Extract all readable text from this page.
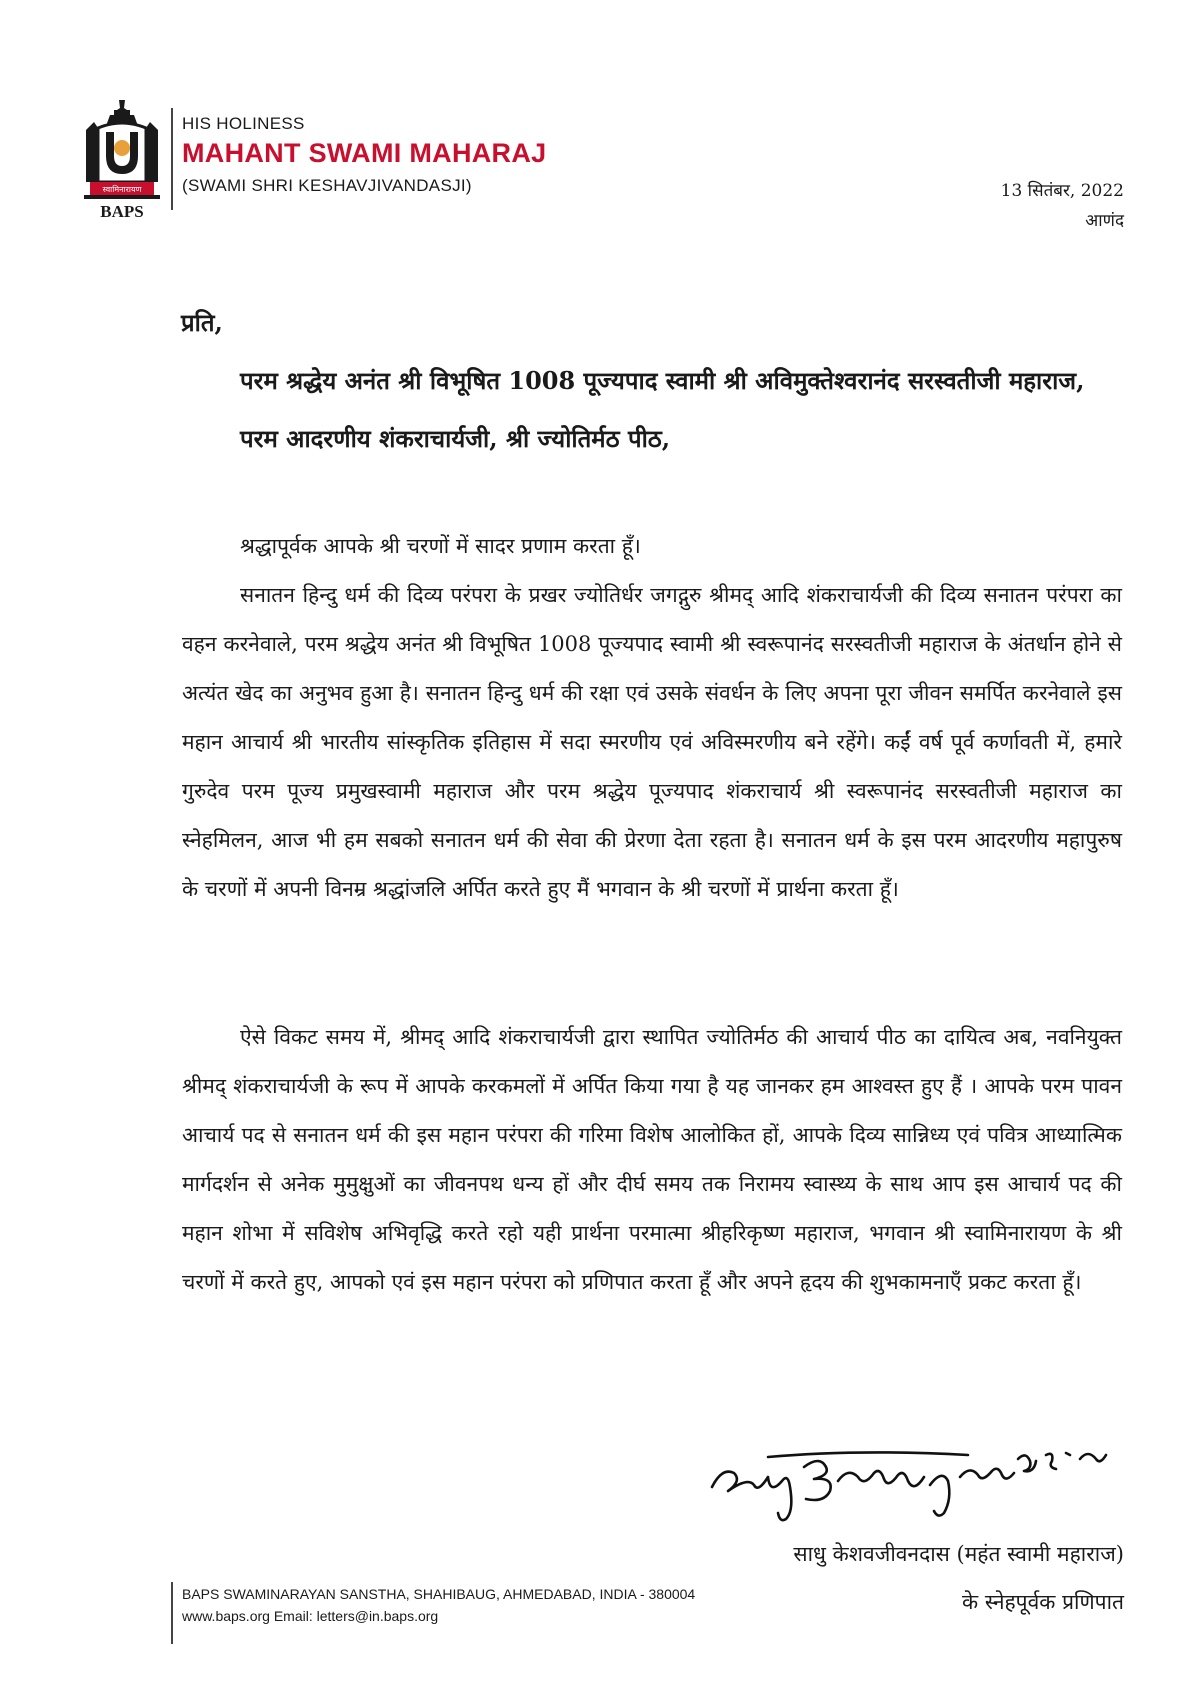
स्वामिनारायण
BAPS
HIS HOLINESS
MAHANT SWAMI MAHARAJ
(SWAMI SHRI KESHAVJIVANDASJI)	13 सितंबर, 2022
आणंद
प्रति,
परम श्रद्धेय अनंत श्री विभूषित 1008 पूज्यपाद स्वामी श्री अविमुक्तेश्वरानंद सरस्वतीजी महाराज,
परम आदरणीय शंकराचार्यजी, श्री ज्योतिर्मठ पीठ,

श्रद्धापूर्वक आपके श्री चरणों में सादर प्रणाम करता हूँ।

सनातन हिन्दु धर्म की दिव्य परंपरा के प्रखर ज्योतिर्धर जगद्गुरु श्रीमद् आदि शंकराचार्यजी की दिव्य सनातन परंपरा का वहन करनेवाले, परम श्रद्धेय अनंत श्री विभूषित 1008 पूज्यपाद स्वामी श्री स्वरूपानंद सरस्वतीजी महाराज के अंतर्धान होने से अत्यंत खेद का अनुभव हुआ है। सनातन हिन्दु धर्म की रक्षा एवं उसके संवर्धन के लिए अपना पूरा जीवन समर्पित करनेवाले इस महान आचार्य श्री भारतीय सांस्कृतिक इतिहास में सदा स्मरणीय एवं अविस्मरणीय बने रहेंगे। कईं वर्ष पूर्व कर्णावती में, हमारे गुरुदेव परम पूज्य प्रमुखस्वामी महाराज और परम श्रद्धेय पूज्यपाद शंकराचार्य श्री स्वरूपानंद सरस्वतीजी महाराज का स्नेहमिलन, आज भी हम सबको सनातन धर्म की सेवा की प्रेरणा देता रहता है। सनातन धर्म के इस परम आदरणीय महापुरुष के चरणों में अपनी विनम्र श्रद्धांजलि अर्पित करते हुए मैं भगवान के श्री चरणों में प्रार्थना करता हूँ।

ऐसे विकट समय में, श्रीमद् आदि शंकराचार्यजी द्वारा स्थापित ज्योतिर्मठ की आचार्य पीठ का दायित्व अब, नवनियुक्त श्रीमद् शंकराचार्यजी के रूप में आपके करकमलों में अर्पित किया गया है यह जानकर हम आश्वस्त हुए हैं । आपके परम पावन आचार्य पद से सनातन धर्म की इस महान परंपरा की गरिमा विशेष आलोकित हों, आपके दिव्य सान्निध्य एवं पवित्र आध्यात्मिक मार्गदर्शन से अनेक मुमुक्षुओं का जीवनपथ धन्य हों और दीर्घ समय तक निरामय स्वास्थ्य के साथ आप इस आचार्य पद की महान शोभा में सविशेष अभिवृद्धि करते रहो यही प्रार्थना परमात्मा श्रीहरिकृष्ण महाराज, भगवान श्री स्वामिनारायण के श्री चरणों में करते हुए, आपको एवं इस महान परंपरा को प्रणिपात करता हूँ और अपने हृदय की शुभकामनाएँ प्रकट करता हूँ।

साधु केशवजीवनदास (महंत स्वामी महाराज)
के स्नेहपूर्वक प्रणिपात
BAPS SWAMINARAYAN SANSTHA, SHAHIBAUG, AHMEDABAD, INDIA - 380004
www.baps.org Email: letters@in.baps.org
